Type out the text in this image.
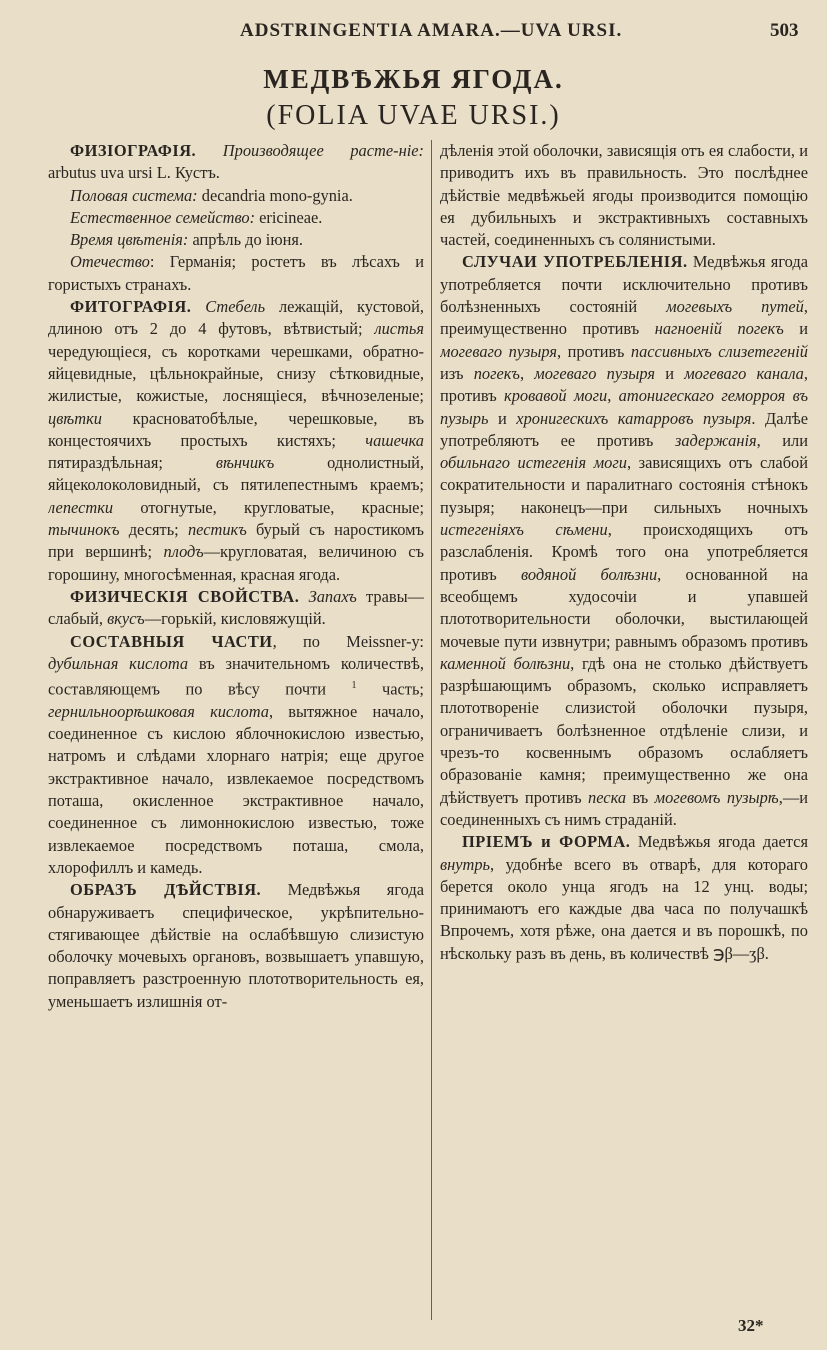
ADSTRINGENTIA AMARA.—UVA URSI.	503
МЕДВѢЖЬЯ ЯГОДА.
(FOLIA UVAE URSI.)

ФИЗІОГРАФІЯ. Производящее расте-ніе: arbutus uva ursi L. Кустъ.

Половая система: decandria mono-gynia.

Естественное семейство: ericineae.

Время цвѣтенія: апрѣль до іюня.

Отечество: Германія; ростетъ въ лѣсахъ и гористыхъ странахъ.

ФИТОГРАФІЯ. Стебель лежащій, кустовой, длиною отъ 2 до 4 футовъ, вѣтвистый; листья чередующіеся, съ коротками черешками, обратно-яйцевидные, цѣльнокрайные, снизу сѣтковидные, жилистые, кожистые, лоснящіеся, вѣчнозеленые; цвѣтки красноватобѣлые, черешковые, въ концестоячихъ простыхъ кистяхъ; чашечка пятираздѣльная;	вѣнчикъ однолистный, яйцеколоколовидный, съ пятилепестнымъ краемъ; лепестки отогнутые, кругловатые, красные; тычинокъ десять; пестикъ бурый съ наростикомъ при вершинѣ; плодъ—кругловатая, величиною съ горошину, многосѣменная, красная ягода.

ФИЗИЧЕСКІЯ СВОЙСТВА. Запахъ травы—слабый, вкусъ—горькій, кисловяжущій.

СОСТАВНЫЯ ЧАСТИ, по Meissner-у: дубильная кислота въ значительномъ количествѣ, составляющемъ по вѣсу почти	$^1$ часть; гернильноорѣшковая кислота, вытяжное начало, соединенное съ кислою яблочнокислою известью, натромъ и слѣдами хлорнаго натрія; еще другое экстрактивное начало, извлекаемое посредствомъ поташа, окисленное экстрактивное начало, соединенное съ лимоннокислою известью, тоже извлекаемое посредствомъ поташа, смола, хлорофиллъ и камедь.

ОБРАЗЪ ДѢЙСТВІЯ. Медвѣжья ягода обнаруживаетъ специфическое, укрѣпительно-стягивающее дѣйствіе на ослабѣвшую слизистую оболочку мочевыхъ органовъ, возвышаетъ упавшую, поправляетъ разстроенную плототворительность ея, уменьшаетъ излишнія от-

дѣленія этой оболочки, зависящія отъ ея слабости, и приводитъ ихъ въ правильность. Это послѣднее дѣйствіе медвѣжьей ягоды производится помощію ея дубильныхъ и экстрактивныхъ составныхъ частей, соединенныхъ съ солянистыми.

СЛУЧАИ УПОТРЕБЛЕНІЯ. Медвѣжья ягода употребляется почти исключительно противъ болѣзненныхъ состояній могевыхъ путей, преимущественно противъ нагноеній погекъ и могеваго пузыря, противъ пассивныхъ слизетегеній изъ погекъ, могеваго пузыря и могеваго канала, противъ кровавой моги, атонигескаго геморроя въ пузырь и хронигескихъ катарровъ пузыря. Далѣе употребляютъ ее противъ задержанія, или обильнаго истегенія моги, зависящихъ отъ слабой сократительности и паралитнаго состоянія стѣнокъ пузыря; наконецъ—при сильныхъ ночныхъ истегеніяхъ сѣмени, происходящихъ отъ разслабленія. Кромѣ того она употребляется противъ водяной болѣзни, основанной на всеобщемъ худосочіи и упавшей плототворительности оболочки, выстилающей мочевые пути извнутри; равнымъ образомъ противъ каменной болѣзни, гдѣ она не столько дѣйствуетъ разрѣшающимъ образомъ, сколько исправляетъ плототвореніе слизистой оболочки пузыря, ограничиваетъ болѣзненное отдѣленіе слизи, и чрезъ-то косвеннымъ образомъ ослабляетъ образованіе камня; преимущественно же она дѣйствуетъ противъ песка въ могевомъ пузырѣ,—и соединенныхъ съ нимъ страданій.

ПРІЕМЪ и ФОРМА. Медвѣжья ягода дается внутрь, удобнѣе всего въ отварѣ, для котораго берется около унца ягодъ на 12 унц. воды; принимаютъ его каждые два часа по получашкѣ Впрочемъ, хотя рѣже, она дается и въ порошкѣ, по нѣскольку разъ въ день, въ количествѣ ℈β—ʒβ.

32*
